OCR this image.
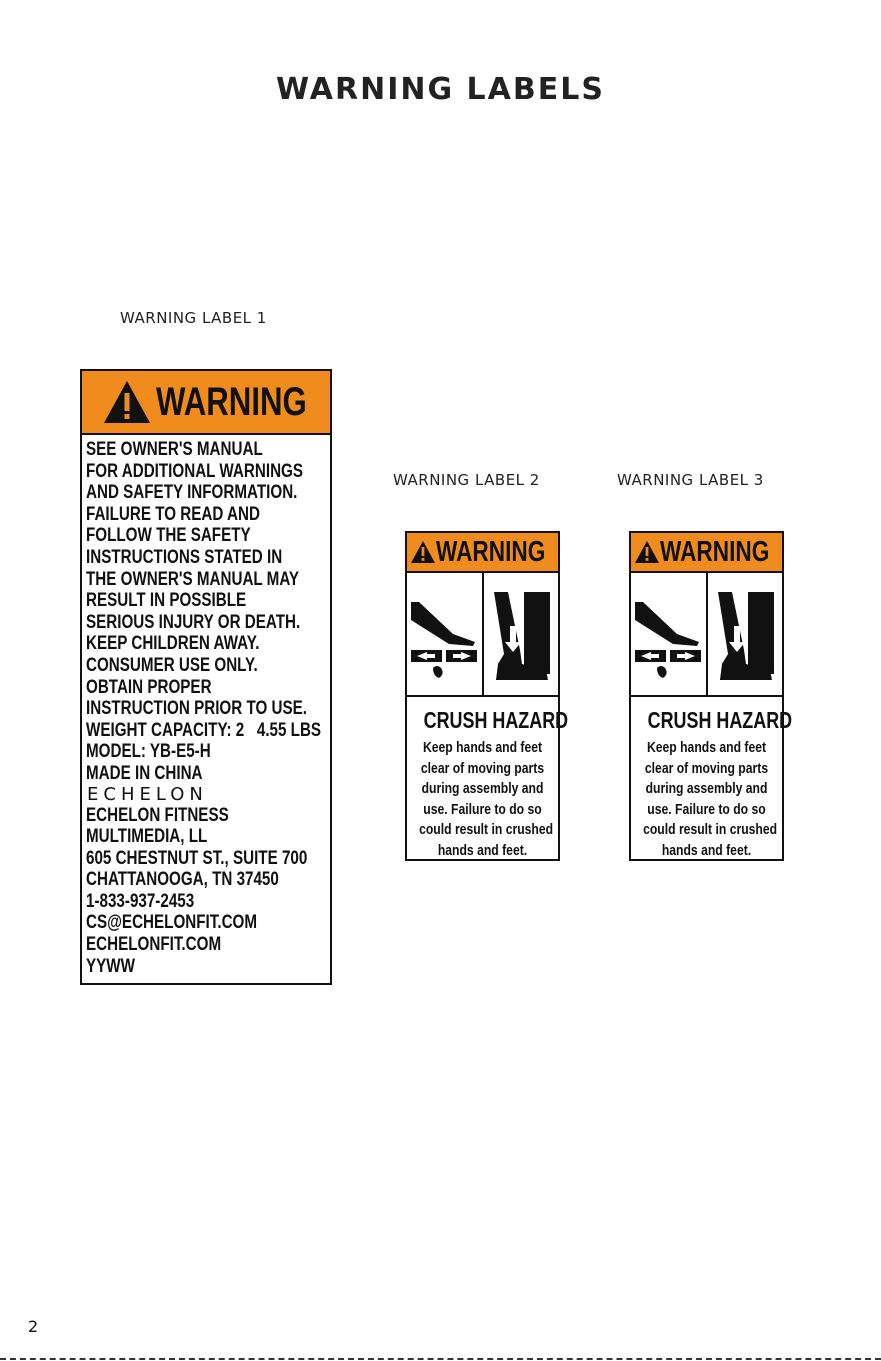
WARNING LABELS
WARNING LABEL 1
WARNING LABEL 2	WARNING LABEL 3
WARNING
SEE OWNER'S MANUAL
FOR ADDITIONAL WARNINGS
AND SAFETY INFORMATION.
FAILURE TO READ AND
FOLLOW THE SAFETY
INSTRUCTIONS STATED IN
THE OWNER'S MANUAL MAY
RESULT IN POSSIBLE
SERIOUS INJURY OR DEATH.
KEEP CHILDREN AWAY.
CONSUMER USE ONLY.
OBTAIN PROPER
INSTRUCTION PRIOR TO USE.
WEIGHT CAPACITY: 2   4.55 LBS
MODEL: YB-E5-H
MADE IN CHINA
ECHELON
ECHELON FITNESS
MULTIMEDIA, LL
605 CHESTNUT ST., SUITE 700
CHATTANOOGA, TN 37450
1-833-937-2453
CS@ECHELONFIT.COM
ECHELONFIT.COM
YYWW
WARNING
CRUSH HAZARD
Keep hands and feet
clear of moving parts
during assembly and
use. Failure to do so
could result in crushed
hands and feet.
WARNING
CRUSH HAZARD
Keep hands and feet
clear of moving parts
during assembly and
use. Failure to do so
could result in crushed
hands and feet.
2
